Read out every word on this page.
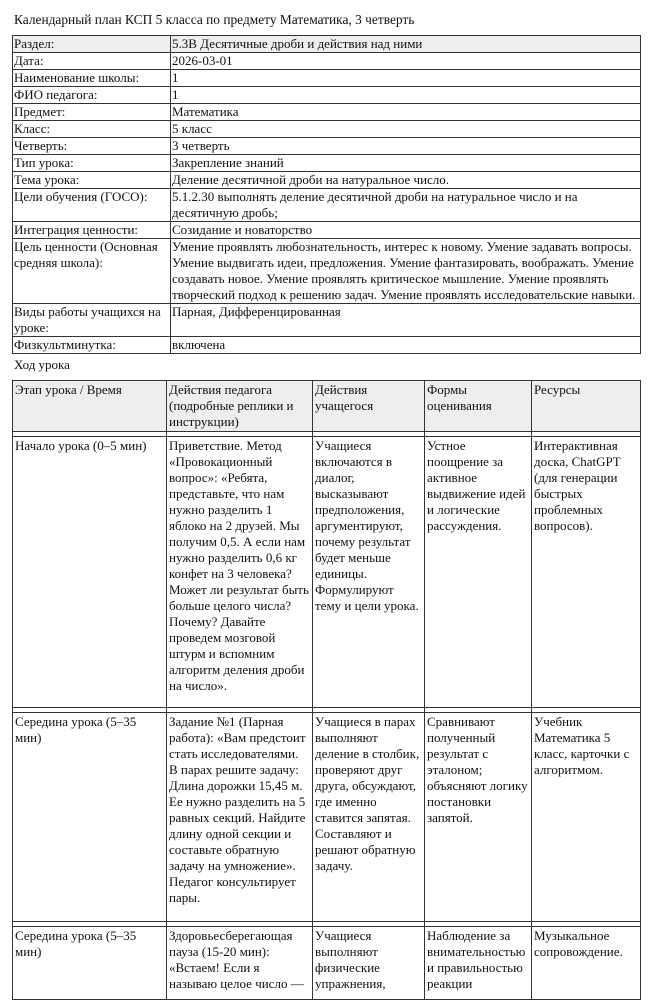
Календарный план КСП 5 класса по предмету Математика, 3 четверть
Раздел:	5.3В Десятичные дроби и действия над ними
Дата:	2026-03-01
Наименование школы:	1
ФИО педагога:	1
Предмет:	Математика
Класс:	5 класс
Четверть:	3 четверть
Тип урока:	Закрепление знаний
Тема урока:	Деление десятичной дроби на натуральное число.
Цели обучения (ГОСО):	5.1.2.30 выполнять деление десятичной дроби на натуральное число и на десятичную дробь;
Интеграция ценности:	Созидание и новаторство
Цель ценности (Основная средняя школа):	Умение проявлять любознательность, интерес к новому. Умение задавать вопросы. Умение выдвигать идеи, предложения. Умение фантазировать, воображать. Умение создавать новое. Умение проявлять критическое мышление. Умение проявлять творческий подход к решению задач. Умение проявлять исследовательские навыки.
Виды работы учащихся на уроке:	Парная, Дифференцированная
Физкультминутка:	включена
Ход урока
Этап урока / Время	Действия педагога (подробные реплики и инструкции)	Действия учащегося	Формы оценивания	Ресурсы

Начало урока (0–5 мин)	Приветствие. Метод «Провокационный вопрос»: «Ребята, представьте, что нам нужно разделить 1 яблоко на 2 друзей. Мы получим 0,5. А если нам нужно разделить 0,6 кг конфет на 3 человека? Может ли результат быть больше целого числа? Почему? Давайте проведем мозговой штурм и вспомним алгоритм деления дроби на число».	Учащиеся включаются в диалог, высказывают предположения, аргументируют, почему результат будет меньше единицы. Формулируют тему и цели урока.	Устное поощрение за активное выдвижение идей и логические рассуждения.	Интерактивная доска, ChatGPT (для генерации быстрых проблемных вопросов).

Середина урока (5–35 мин)	Задание №1 (Парная работа): «Вам предстоит стать исследователями. В парах решите задачу: Длина дорожки 15,45 м. Ее нужно разделить на 5 равных секций. Найдите длину одной секции и составьте обратную задачу на умножение». Педагог консультирует пары.	Учащиеся в парах выполняют деление в столбик, проверяют друг друга, обсуждают, где именно ставится запятая. Составляют и решают обратную задачу.	Сравнивают полученный результат с эталоном; объясняют логику постановки запятой.	Учебник Математика 5 класс, карточки с алгоритмом.

Середина урока (5–35 мин)	Здоровьесберегающая пауза (15-20 мин): «Встаем! Если я называю целое число —	Учащиеся выполняют физические упражнения,	Наблюдение за внимательностью и правильностью реакции	Музыкальное сопровождение.
